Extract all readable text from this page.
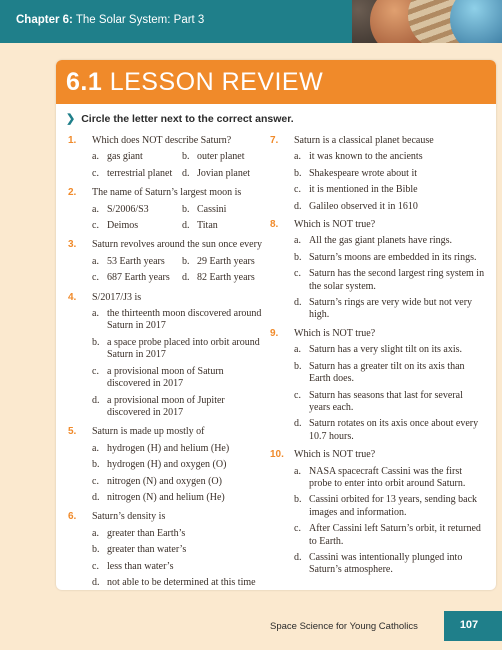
Chapter 6: The Solar System: Part 3
6.1 LESSON REVIEW
❯ Circle the letter next to the correct answer.
1. Which does NOT describe Saturn?
a. gas giant	b. outer planet
c. terrestrial planet d. Jovian planet
2. The name of Saturn’s largest moon is
a. S/2006/S3	b. Cassini
c. Deimos	d. Titan
3. Saturn revolves around the sun once every
a. 53 Earth years	b. 29 Earth years
c. 687 Earth years	d. 82 Earth years
4. S/2017/J3 is
a. the thirteenth moon discovered around Saturn in 2017
b. a space probe placed into orbit around Saturn in 2017
c. a provisional moon of Saturn discovered in 2017
d. a provisional moon of Jupiter discovered in 2017
5. Saturn is made up mostly of
a. hydrogen (H) and helium (He)
b. hydrogen (H) and oxygen (O)
c. nitrogen (N) and oxygen (O)
d. nitrogen (N) and helium (He)
6. Saturn’s density is
a. greater than Earth’s
b. greater than water’s
c. less than water’s
d. not able to be determined at this time
7. Saturn is a classical planet because
a. it was known to the ancients
b. Shakespeare wrote about it
c. it is mentioned in the Bible
d. Galileo observed it in 1610
8. Which is NOT true?
a. All the gas giant planets have rings.
b. Saturn’s moons are embedded in its rings.
c. Saturn has the second largest ring system in the solar system.
d. Saturn’s rings are very wide but not very high.
9. Which is NOT true?
a. Saturn has a very slight tilt on its axis.
b. Saturn has a greater tilt on its axis than Earth does.
c. Saturn has seasons that last for several years each.
d. Saturn rotates on its axis once about every 10.7 hours.
10. Which is NOT true?
a. NASA spacecraft Cassini was the first probe to enter into orbit around Saturn.
b. Cassini orbited for 13 years, sending back images and information.
c. After Cassini left Saturn’s orbit, it returned to Earth.
d. Cassini was intentionally plunged into Saturn’s atmosphere.
Space Science for Young Catholics	107
